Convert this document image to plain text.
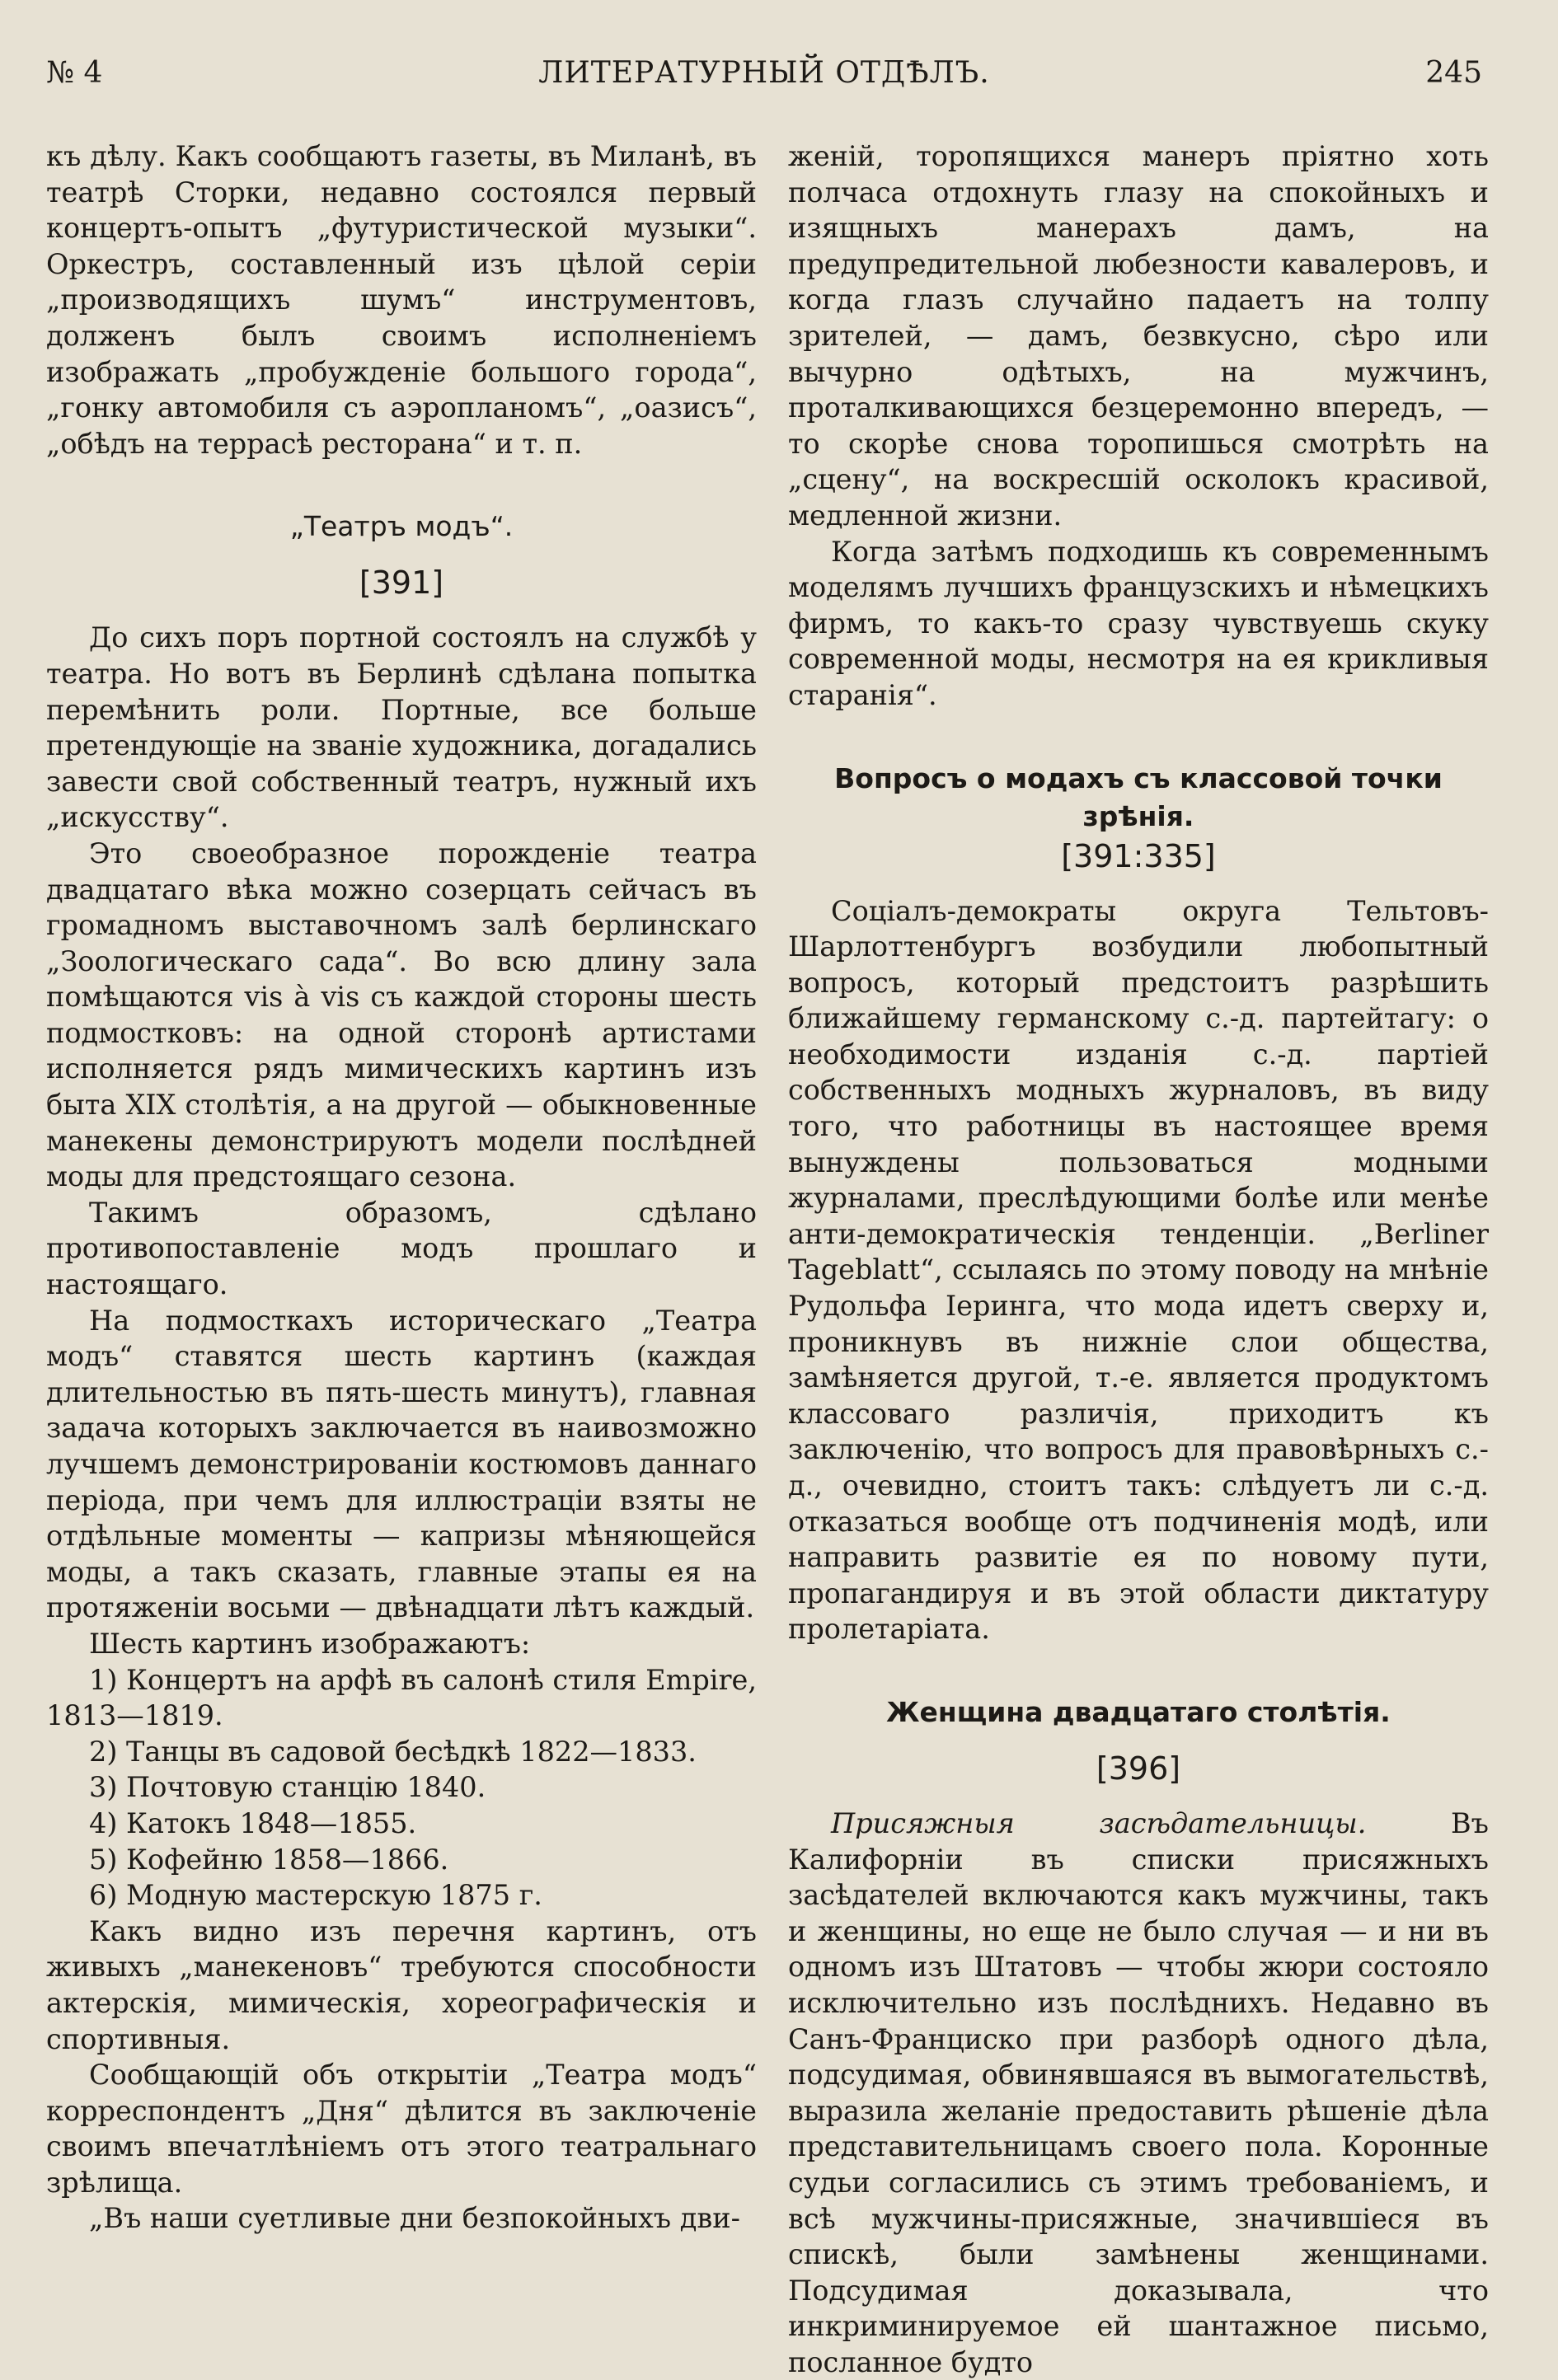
№ 4	ЛИТЕРАТУРНЫЙ ОТДѢЛЪ.	245

къ дѣлу. Какъ сообщаютъ газеты, въ Миланѣ, въ театрѣ Сторки, недавно состоялся первый концертъ-опытъ „футуристической музыки“. Оркестръ, составленный изъ цѣлой серіи „производящихъ шумъ“ инструментовъ, долженъ былъ своимъ исполненіемъ изображать „пробужденіе большого города“, „гонку автомобиля съ аэропланомъ“, „оазисъ“, „обѣдъ на террасѣ ресторана“ и т. п.

„Театръ модъ“.

[391]

До сихъ поръ портной состоялъ на службѣ у театра. Но вотъ въ Берлинѣ сдѣлана попытка перемѣнить роли. Портные, все больше претендующіе на званіе художника, догадались завести свой собственный театръ, нужный ихъ „искусству“.

Это своеобразное порожденіе театра двадцатаго вѣка можно созерцать сейчасъ въ громадномъ выставочномъ залѣ берлинскаго „Зоологическаго сада“. Во всю длину зала помѣщаются vis à vis съ каждой стороны шесть подмостковъ: на одной сторонѣ артистами исполняется рядъ мимическихъ картинъ изъ быта XIX столѣтія, а на другой — обыкновенные манекены демонстрируютъ модели послѣдней моды для предстоящаго сезона.

Такимъ образомъ, сдѣлано противопоставленіе модъ прошлаго и настоящаго.

На подмосткахъ историческаго „Театра модъ“ ставятся шесть картинъ (каждая длительностью въ пять-шесть минутъ), главная задача которыхъ заключается въ наивозможно лучшемъ демонстрированіи костюмовъ даннаго періода, при чемъ для иллюстраціи взяты не отдѣльные моменты — капризы мѣняющейся моды, а такъ сказать, главные этапы ея на протяженіи восьми — двѣнадцати лѣтъ каждый.

Шесть картинъ изображаютъ:

1) Концертъ на арфѣ въ салонѣ стиля Empire, 1813—1819.

2) Танцы въ садовой бесѣдкѣ 1822—1833.

3) Почтовую станцію 1840.

4) Катокъ 1848—1855.

5) Кофейню 1858—1866.

6) Модную мастерскую 1875 г.

Какъ видно изъ перечня картинъ, отъ живыхъ „манекеновъ“ требуются способности актерскія, мимическія, хореографическія и спортивныя.

Сообщающій объ открытіи „Театра модъ“ корреспондентъ „Дня“ дѣлится въ заключеніе своимъ впечатлѣніемъ отъ этого театральнаго зрѣлища.

„Въ наши суетливые дни безпокойныхъ дви-

женій, торопящихся манеръ пріятно хоть полчаса отдохнуть глазу на спокойныхъ и изящныхъ манерахъ дамъ, на предупредительной любезности кавалеровъ, и когда глазъ случайно падаетъ на толпу зрителей, — дамъ, безвкусно, сѣро или вычурно одѣтыхъ, на мужчинъ, проталкивающихся безцеремонно впередъ, — то скорѣе снова торопишься смотрѣть на „сцену“, на воскресшій осколокъ красивой, медленной жизни.

Когда затѣмъ подходишь къ современнымъ моделямъ лучшихъ французскихъ и нѣмецкихъ фирмъ, то какъ-то сразу чувствуешь скуку современной моды, несмотря на ея крикливыя старанія“.

Вопросъ о модахъ съ классовой точки зрѣнія.

[391:335]

Соціалъ-демократы округа Тельтовъ-Шарлоттенбургъ возбудили любопытный вопросъ, который предстоитъ разрѣшить ближайшему германскому с.-д. партейтагу: о необходимости изданія с.-д. партіей собственныхъ модныхъ журналовъ, въ виду того, что работницы въ настоящее время вынуждены пользоваться модными журналами, преслѣдующими болѣе или менѣе анти-демократическія тенденціи. „Berliner Tageblatt“, ссылаясь по этому поводу на мнѣніе Рудольфа Іеринга, что мода идетъ сверху и, проникнувъ въ нижніе слои общества, замѣняется другой, т.-е. является продуктомъ классоваго различія, приходитъ къ заключенію, что вопросъ для правовѣрныхъ с.-д., очевидно, стоитъ такъ: слѣдуетъ ли с.-д. отказаться вообще отъ подчиненія модѣ, или направить развитіе ея по новому пути, пропагандируя и въ этой области диктатуру пролетаріата.

Женщина двадцатаго столѣтія.

[396]

Присяжныя засѣдательницы. Въ Калифорніи въ списки присяжныхъ засѣдателей включаются какъ мужчины, такъ и женщины, но еще не было случая — и ни въ одномъ изъ Штатовъ — чтобы жюри состояло исключительно изъ послѣднихъ. Недавно въ Санъ-Франциско при разборѣ одного дѣла, подсудимая, обвинявшаяся въ вымогательствѣ, выразила желаніе предоставить рѣшеніе дѣла представительницамъ своего пола. Коронные судьи согласились съ этимъ требованіемъ, и всѣ мужчины-присяжные, значившіеся въ спискѣ, были замѣнены женщинами. Подсудимая доказывала, что инкриминируемое ей шантажное письмо, посланное будто
